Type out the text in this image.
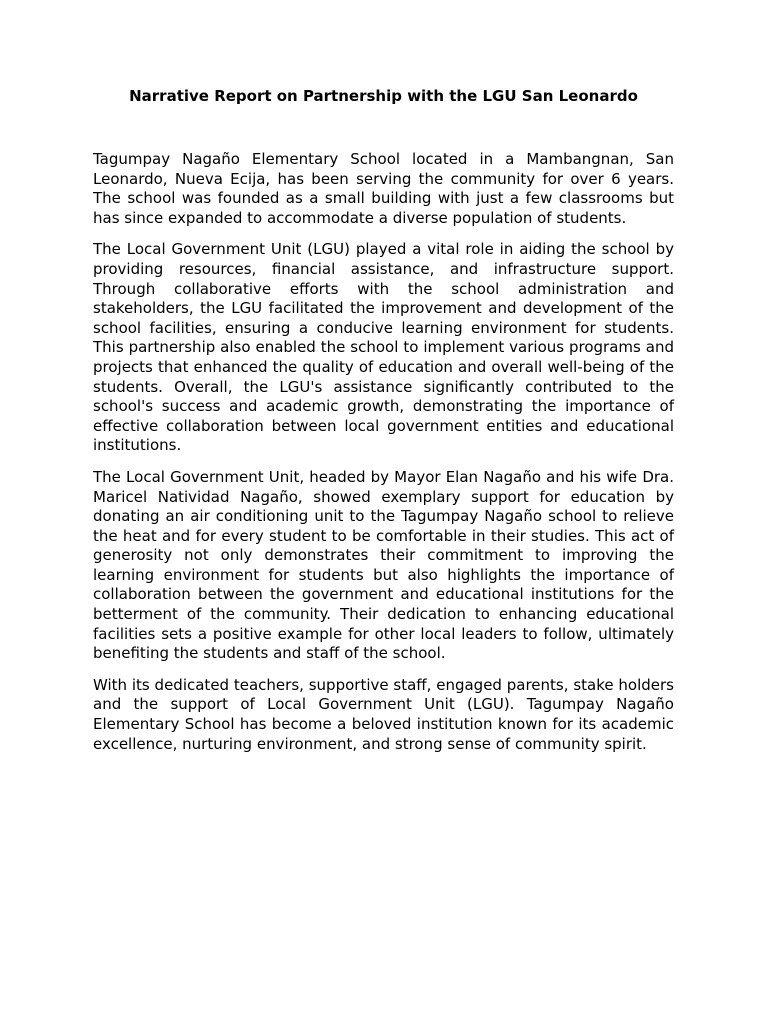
Narrative Report on Partnership with the LGU San Leonardo

Tagumpay Nagaño Elementary School located in a Mambangnan, San Leonardo, Nueva Ecija, has been serving the community for over 6 years. The school was founded as a small building with just a few classrooms but has since expanded to accommodate a diverse population of students.

The Local Government Unit (LGU) played a vital role in aiding the school by providing resources, financial assistance, and infrastructure support. Through collaborative efforts with the school administration and stakeholders, the LGU facilitated the improvement and development of the school facilities, ensuring a conducive learning environment for students. This partnership also enabled the school to implement various programs and projects that enhanced the quality of education and overall well-being of the students. Overall, the LGU's assistance significantly contributed to the school's success and academic growth, demonstrating the importance of effective collaboration between local government entities and educational institutions.

The Local Government Unit, headed by Mayor Elan Nagaño and his wife Dra. Maricel Natividad Nagaño, showed exemplary support for education by donating an air conditioning unit to the Tagumpay Nagaño school to relieve the heat and for every student to be comfortable in their studies. This act of generosity not only demonstrates their commitment to improving the learning environment for students but also highlights the importance of collaboration between the government and educational institutions for the betterment of the community. Their dedication to enhancing educational facilities sets a positive example for other local leaders to follow, ultimately benefiting the students and staff of the school.

With its dedicated teachers, supportive staff, engaged parents, stake holders and the support of Local Government Unit (LGU). Tagumpay Nagaño Elementary School has become a beloved institution known for its academic excellence, nurturing environment, and strong sense of community spirit.
